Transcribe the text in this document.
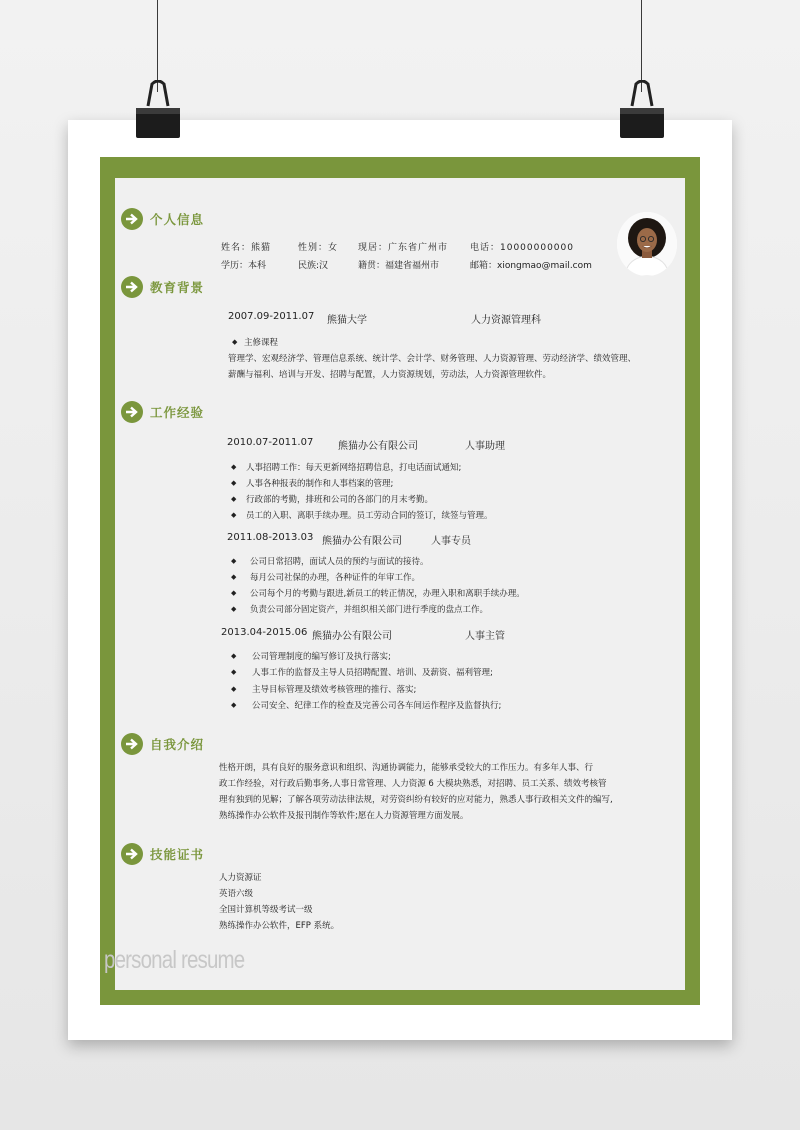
个人信息
教育背景
工作经验
自我介绍
技能证书
姓名：熊猫	性别：女 现居：广东省广州市 电话：10000000000
学历：本科	民族:汉	籍贯：福建省福州市	邮箱：xiongmao@mail.com
2007.09-2011.07 熊猫大学	人力资源管理科
◆ 主修课程
管理学、宏观经济学、管理信息系统、统计学、会计学、财务管理、人力资源管理、劳动经济学、绩效管理、
薪酬与福利、培训与开发、招聘与配置，人力资源规划，劳动法，人力资源管理软件。
2010.07-2011.07 熊猫办公有限公司	人事助理
◆ 人事招聘工作：每天更新网络招聘信息，打电话面试通知;
◆ 人事各种报表的制作和人事档案的管理;
◆ 行政部的考勤，排班和公司的各部门的月末考勤。
◆ 员工的入职、离职手续办理。员工劳动合同的签订，续签与管理。
2011.08-2013.03 熊猫办公有限公司	人事专员
◆ 公司日常招聘，面试人员的预约与面试的接待。
◆ 每月公司社保的办理，各种证件的年审工作。
◆ 公司每个月的考勤与跟进,新员工的转正情况，办理入职和离职手续办理。
◆ 负责公司部分固定资产，并组织相关部门进行季度的盘点工作。
2013.04-2015.06 熊猫办公有限公司	人事主管
◆ 公司管理制度的编写修订及执行落实;
◆ 人事工作的监督及主导人员招聘配置、培训、及薪资、福利管理;
◆ 主导目标管理及绩效考核管理的推行、落实;
◆ 公司安全、纪律工作的检查及完善公司各车间运作程序及监督执行;
性格开朗，具有良好的服务意识和组织、沟通协调能力，能够承受较大的工作压力。有多年人事、行
政工作经验，对行政后勤事务,人事日常管理、人力资源 6 大模块熟悉，对招聘、员工关系、绩效考核管
理有独到的见解；了解各项劳动法律法规，对劳资纠纷有较好的应对能力，熟悉人事行政相关文件的编写,
熟练操作办公软件及报刊制作等软件;愿在人力资源管理方面发展。
人力资源证
英语六级
全国计算机等级考试一级
熟练操作办公软件，EFP 系统。
personal resume
